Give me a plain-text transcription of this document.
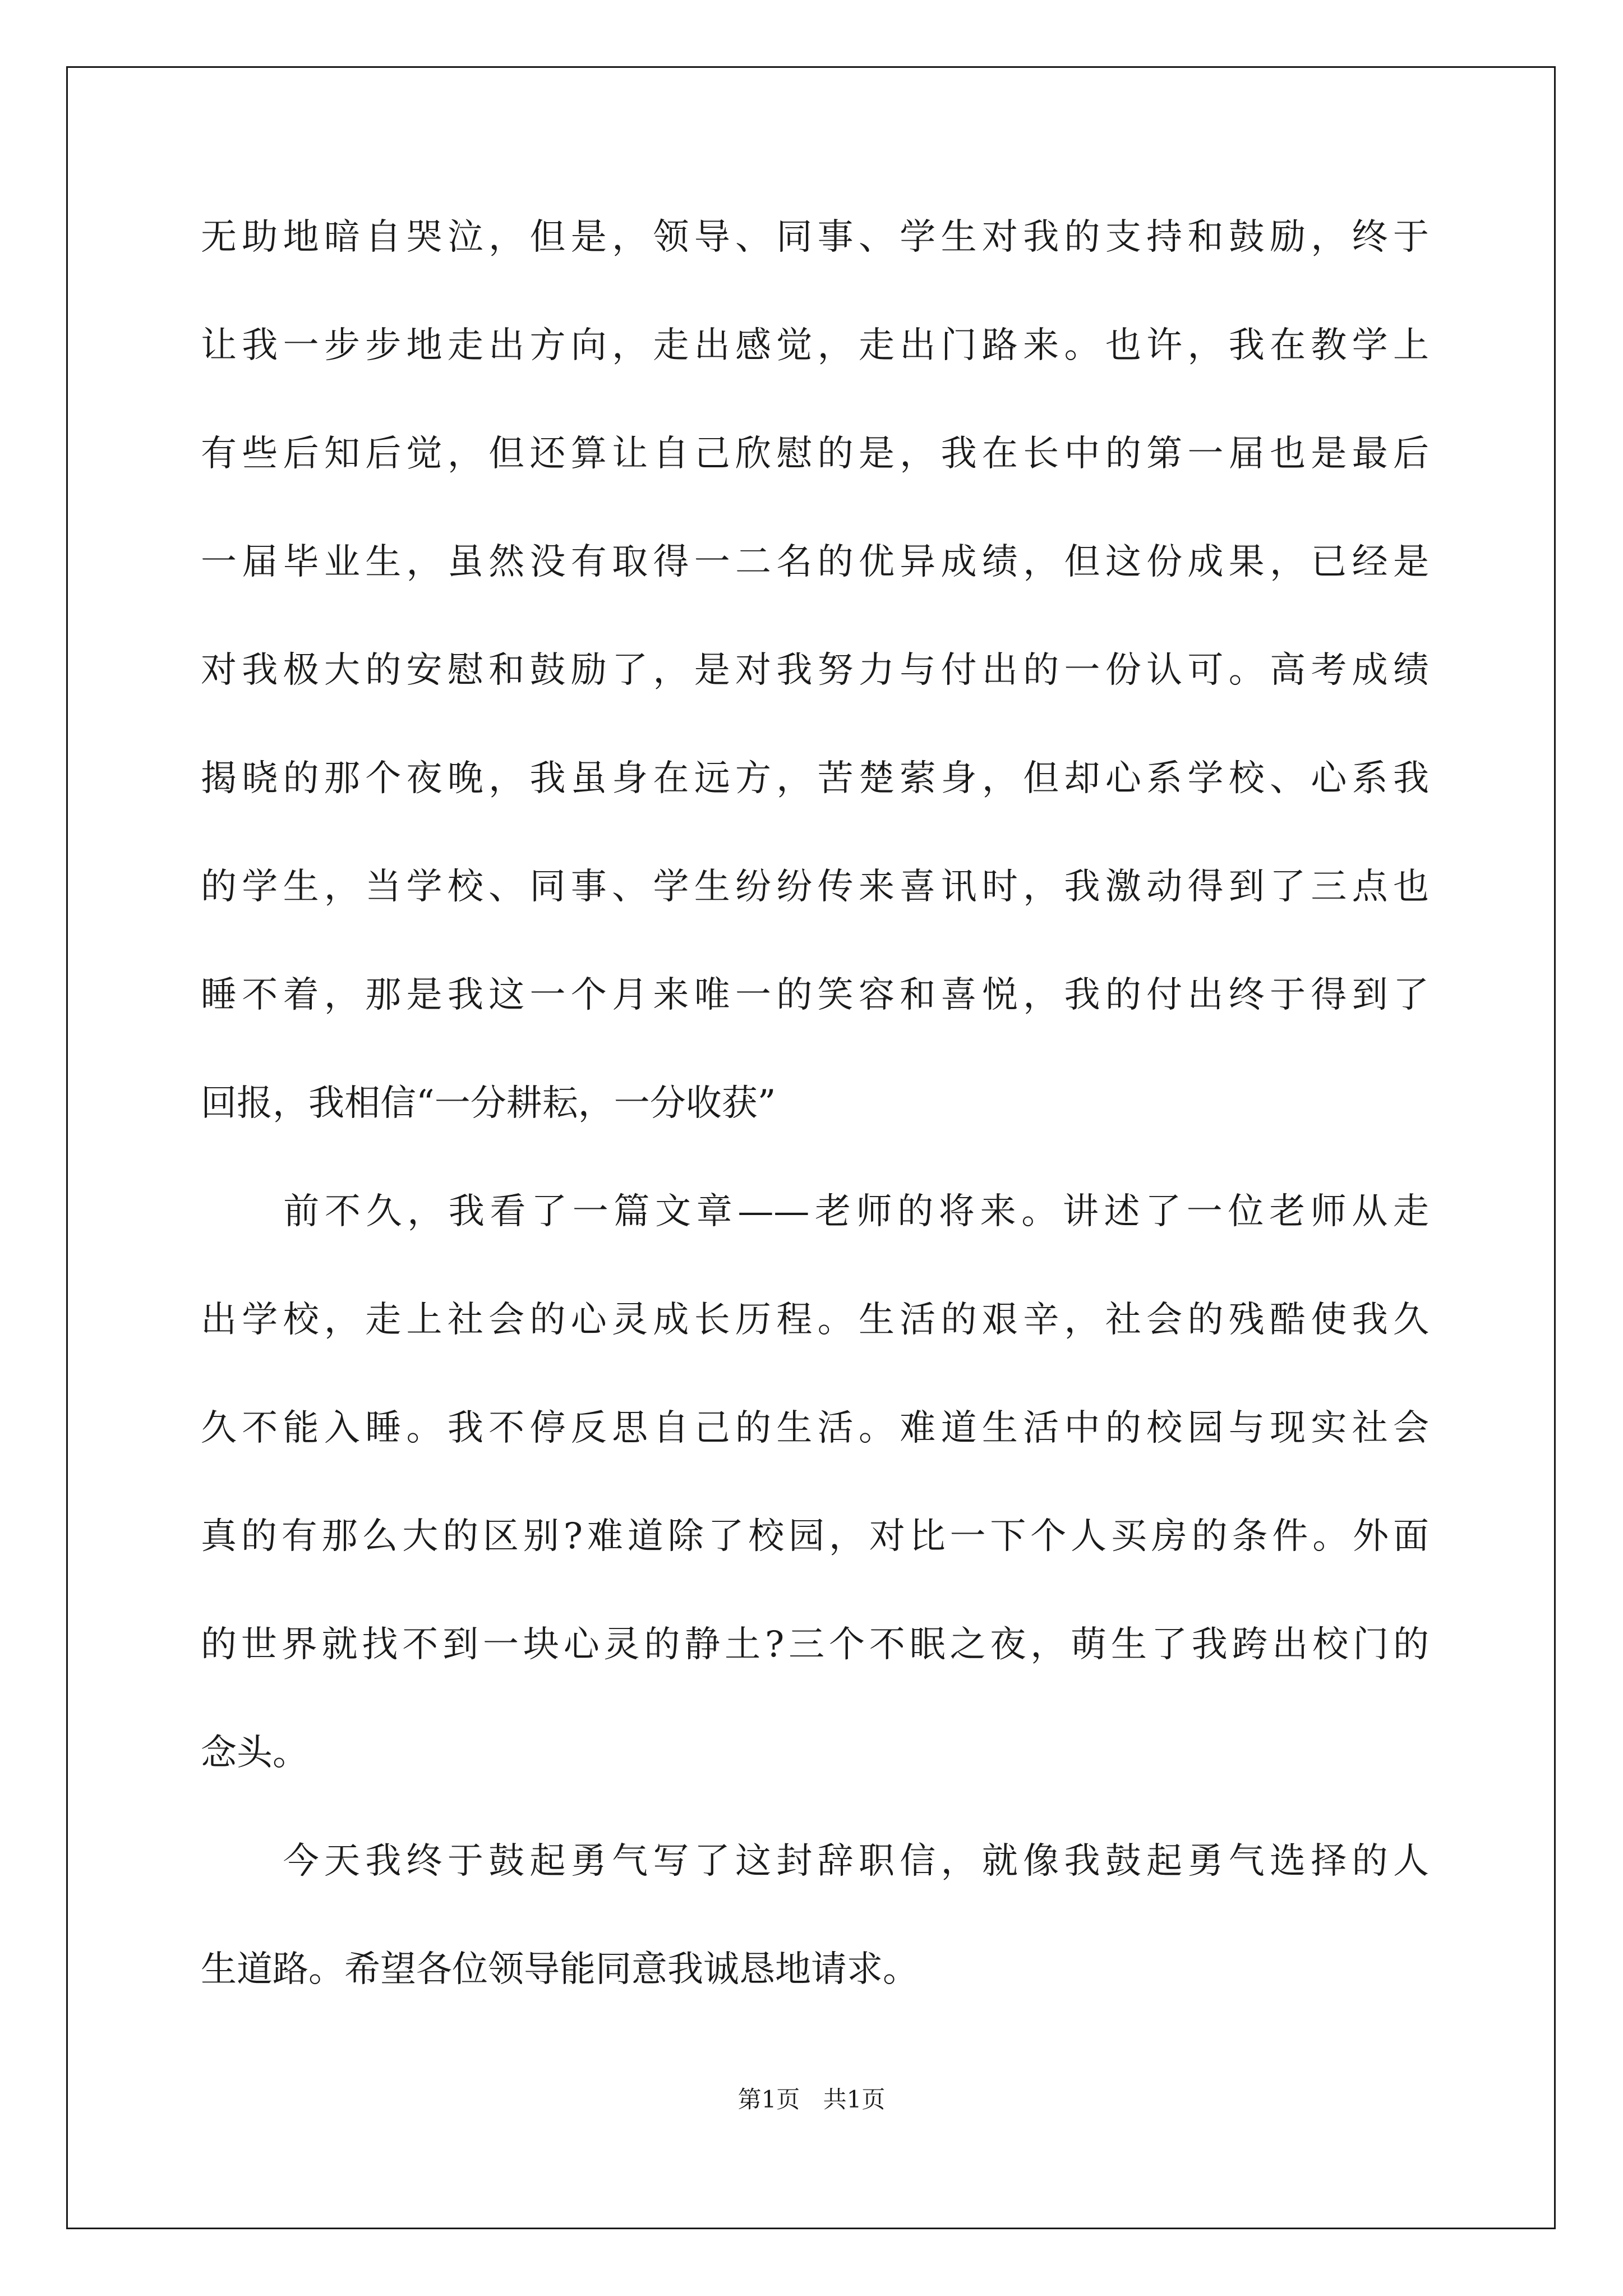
无助地暗自哭泣，但是，领导、同事、学生对我的支持和鼓励，终于
让我一步步地走出方向，走出感觉，走出门路来。也许，我在教学上
有些后知后觉，但还算让自己欣慰的是，我在长中的第一届也是最后
一届毕业生，虽然没有取得一二名的优异成绩，但这份成果，已经是
对我极大的安慰和鼓励了，是对我努力与付出的一份认可。高考成绩
揭晓的那个夜晚，我虽身在远方，苦楚萦身，但却心系学校、心系我
的学生，当学校、同事、学生纷纷传来喜讯时，我激动得到了三点也
睡不着，那是我这一个月来唯一的笑容和喜悦，我的付出终于得到了
回报，我相信“一分耕耘，一分收获”
　　前不久，我看了一篇文章——老师的将来。讲述了一位老师从走
出学校，走上社会的心灵成长历程。生活的艰辛，社会的残酷使我久
久不能入睡。我不停反思自己的生活。难道生活中的校园与现实社会
真的有那么大的区别?难道除了校园，对比一下个人买房的条件。外面
的世界就找不到一块心灵的静土?三个不眠之夜，萌生了我跨出校门的
念头。
　　今天我终于鼓起勇气写了这封辞职信，就像我鼓起勇气选择的人
生道路。希望各位领导能同意我诚恳地请求。
第1页 共1页
